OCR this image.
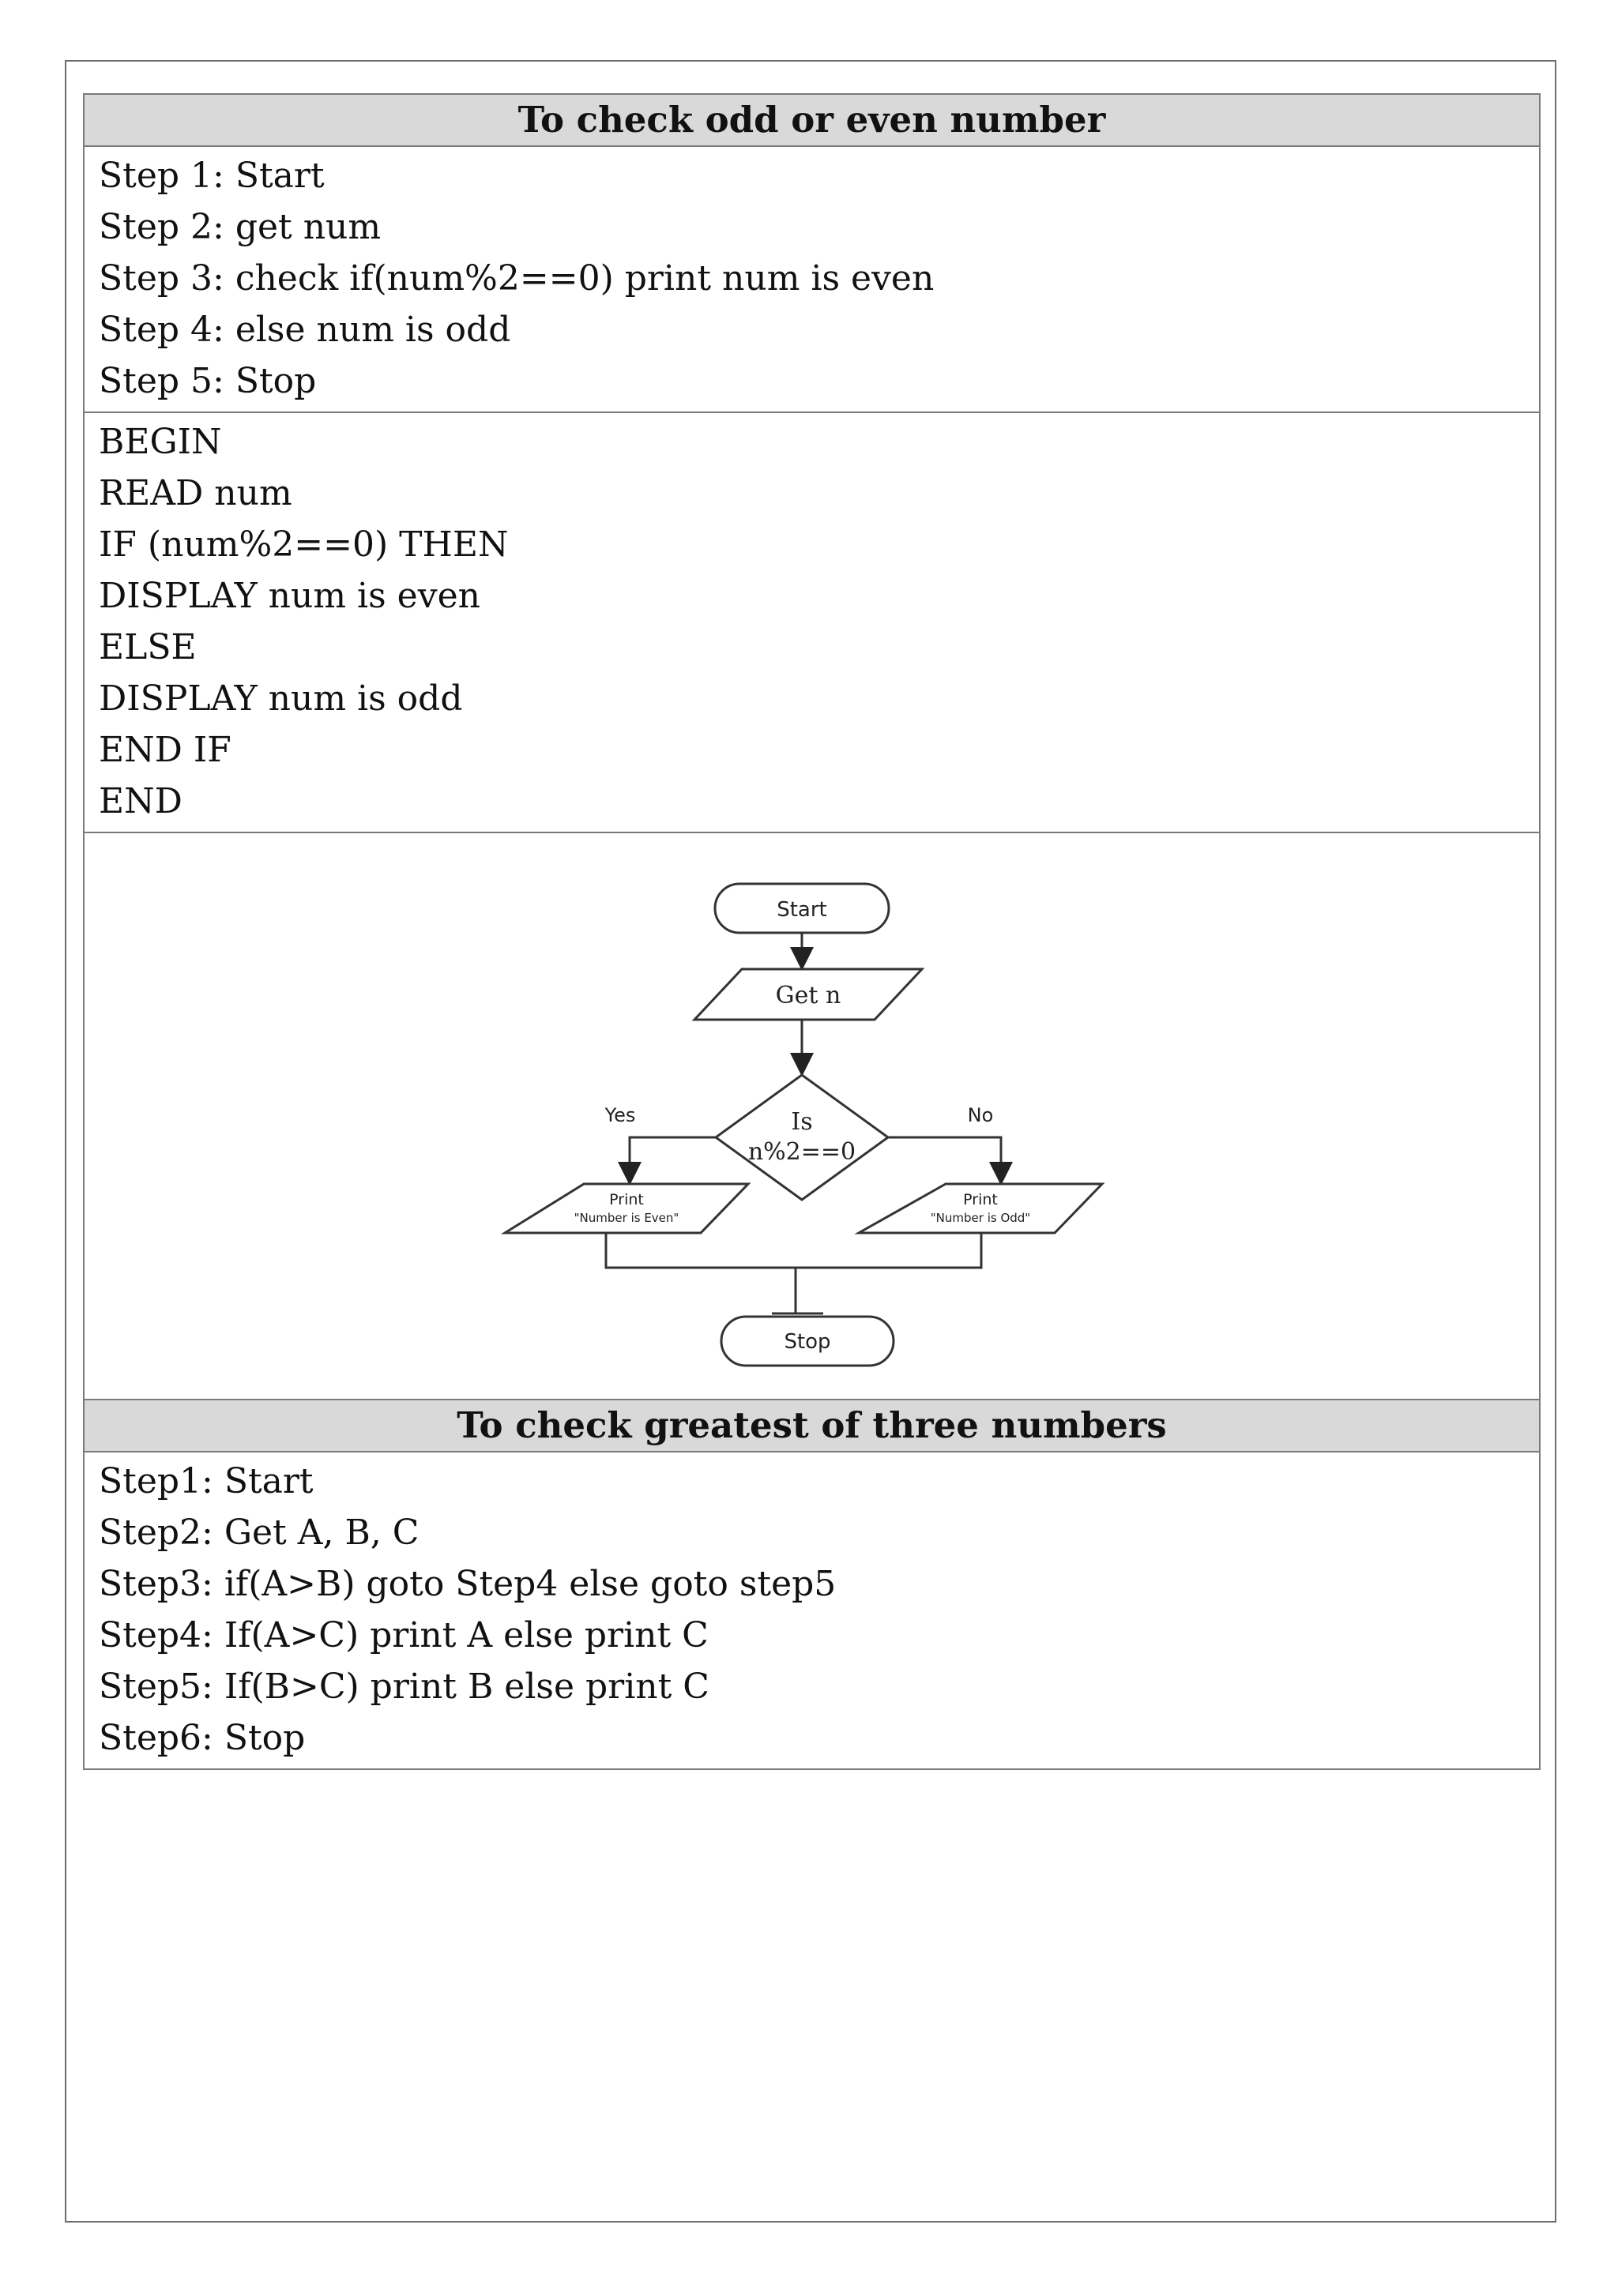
To check odd or even number

Step 1: Start
Step 2: get num
Step 3: check if(num%2==0) print num is even
Step 4: else num is odd
Step 5: Stop

BEGIN
READ num
IF (num%2==0) THEN
DISPLAY num is even
ELSE
DISPLAY num is odd
END IF
END

Start
Get n
Is
n%2==0
Yes	No
Print
"Number is Even"
Print
"Number is Odd"
Stop

To check greatest of three numbers

Step1: Start
Step2: Get A, B, C
Step3: if(A>B) goto Step4 else goto step5
Step4: If(A>C) print A else print C
Step5: If(B>C) print B else print C
Step6: Stop
